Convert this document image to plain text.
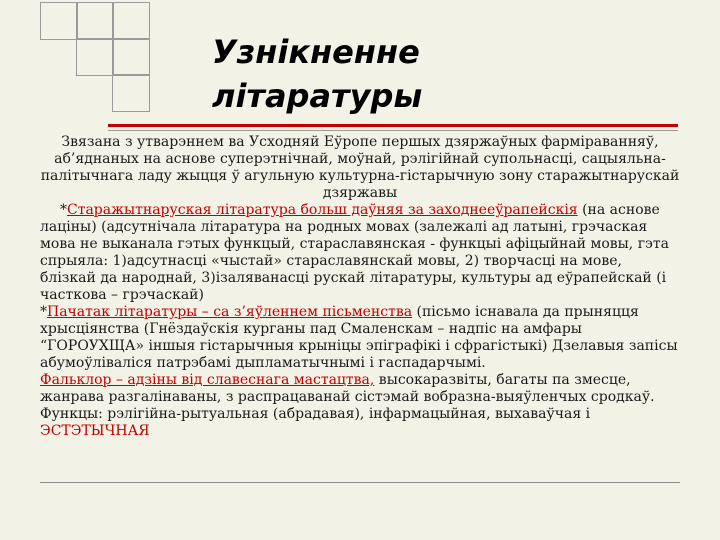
Узнікненне
літаратуры

Звязана з утварэннем ва Усходняй Еўропе першых дзяржаўных фарміраванняў, аб’яднаных на аснове суперэтнічнай, моўнай, рэлігійнай супольнасці, сацыяльна-палітычнага ладу жыцця ў агульную культурна-гістарычную зону старажытнарускай дзяржавы

*Старажытнаруская літаратура больш даўняя за заходнееўрапейскія (на аснове лаціны) (адсутнічала літаратура на родных мовах (залежалі ад латыні, грэчаская мова не выканала гэтых функцый, стараславянская - функцыі афіцыйнай мовы, гэта спрыяла: 1)адсутнасці «чыстай» стараславянскай мовы, 2) творчасці на мове, блізкай да народнай, 3)ізаляванасці рускай літаратуры, культуры ад еўрапейскай (і часткова – грэчаскай)

*Пачатак літаратуры – са з’яўленнем пісьменства (пісьмо існавала да прыняцця хрысціянства (Гнёздаўскія курганы пад Смаленскам – надпіс на амфары “ГОРОУХЩА» іншыя гістарычныя крыніцы эпіграфікі і сфрагістыкі) Дзелавыя запісы абумоўліваліся патрэбамі дыпламатычнымі і гаспадарчымі.

Фальклор – адзіны від славеснага мастацтва, высокаразвіты, багаты па змесце, жанрава разгалінаваны, з распрацаванай сістэмай вобразна-выяўленчых сродкаў. Функцы: рэлігійна-рытуальная (абрадавая), інфармацыйная, выхаваўчая і ЭСТЭТЫЧНАЯ
